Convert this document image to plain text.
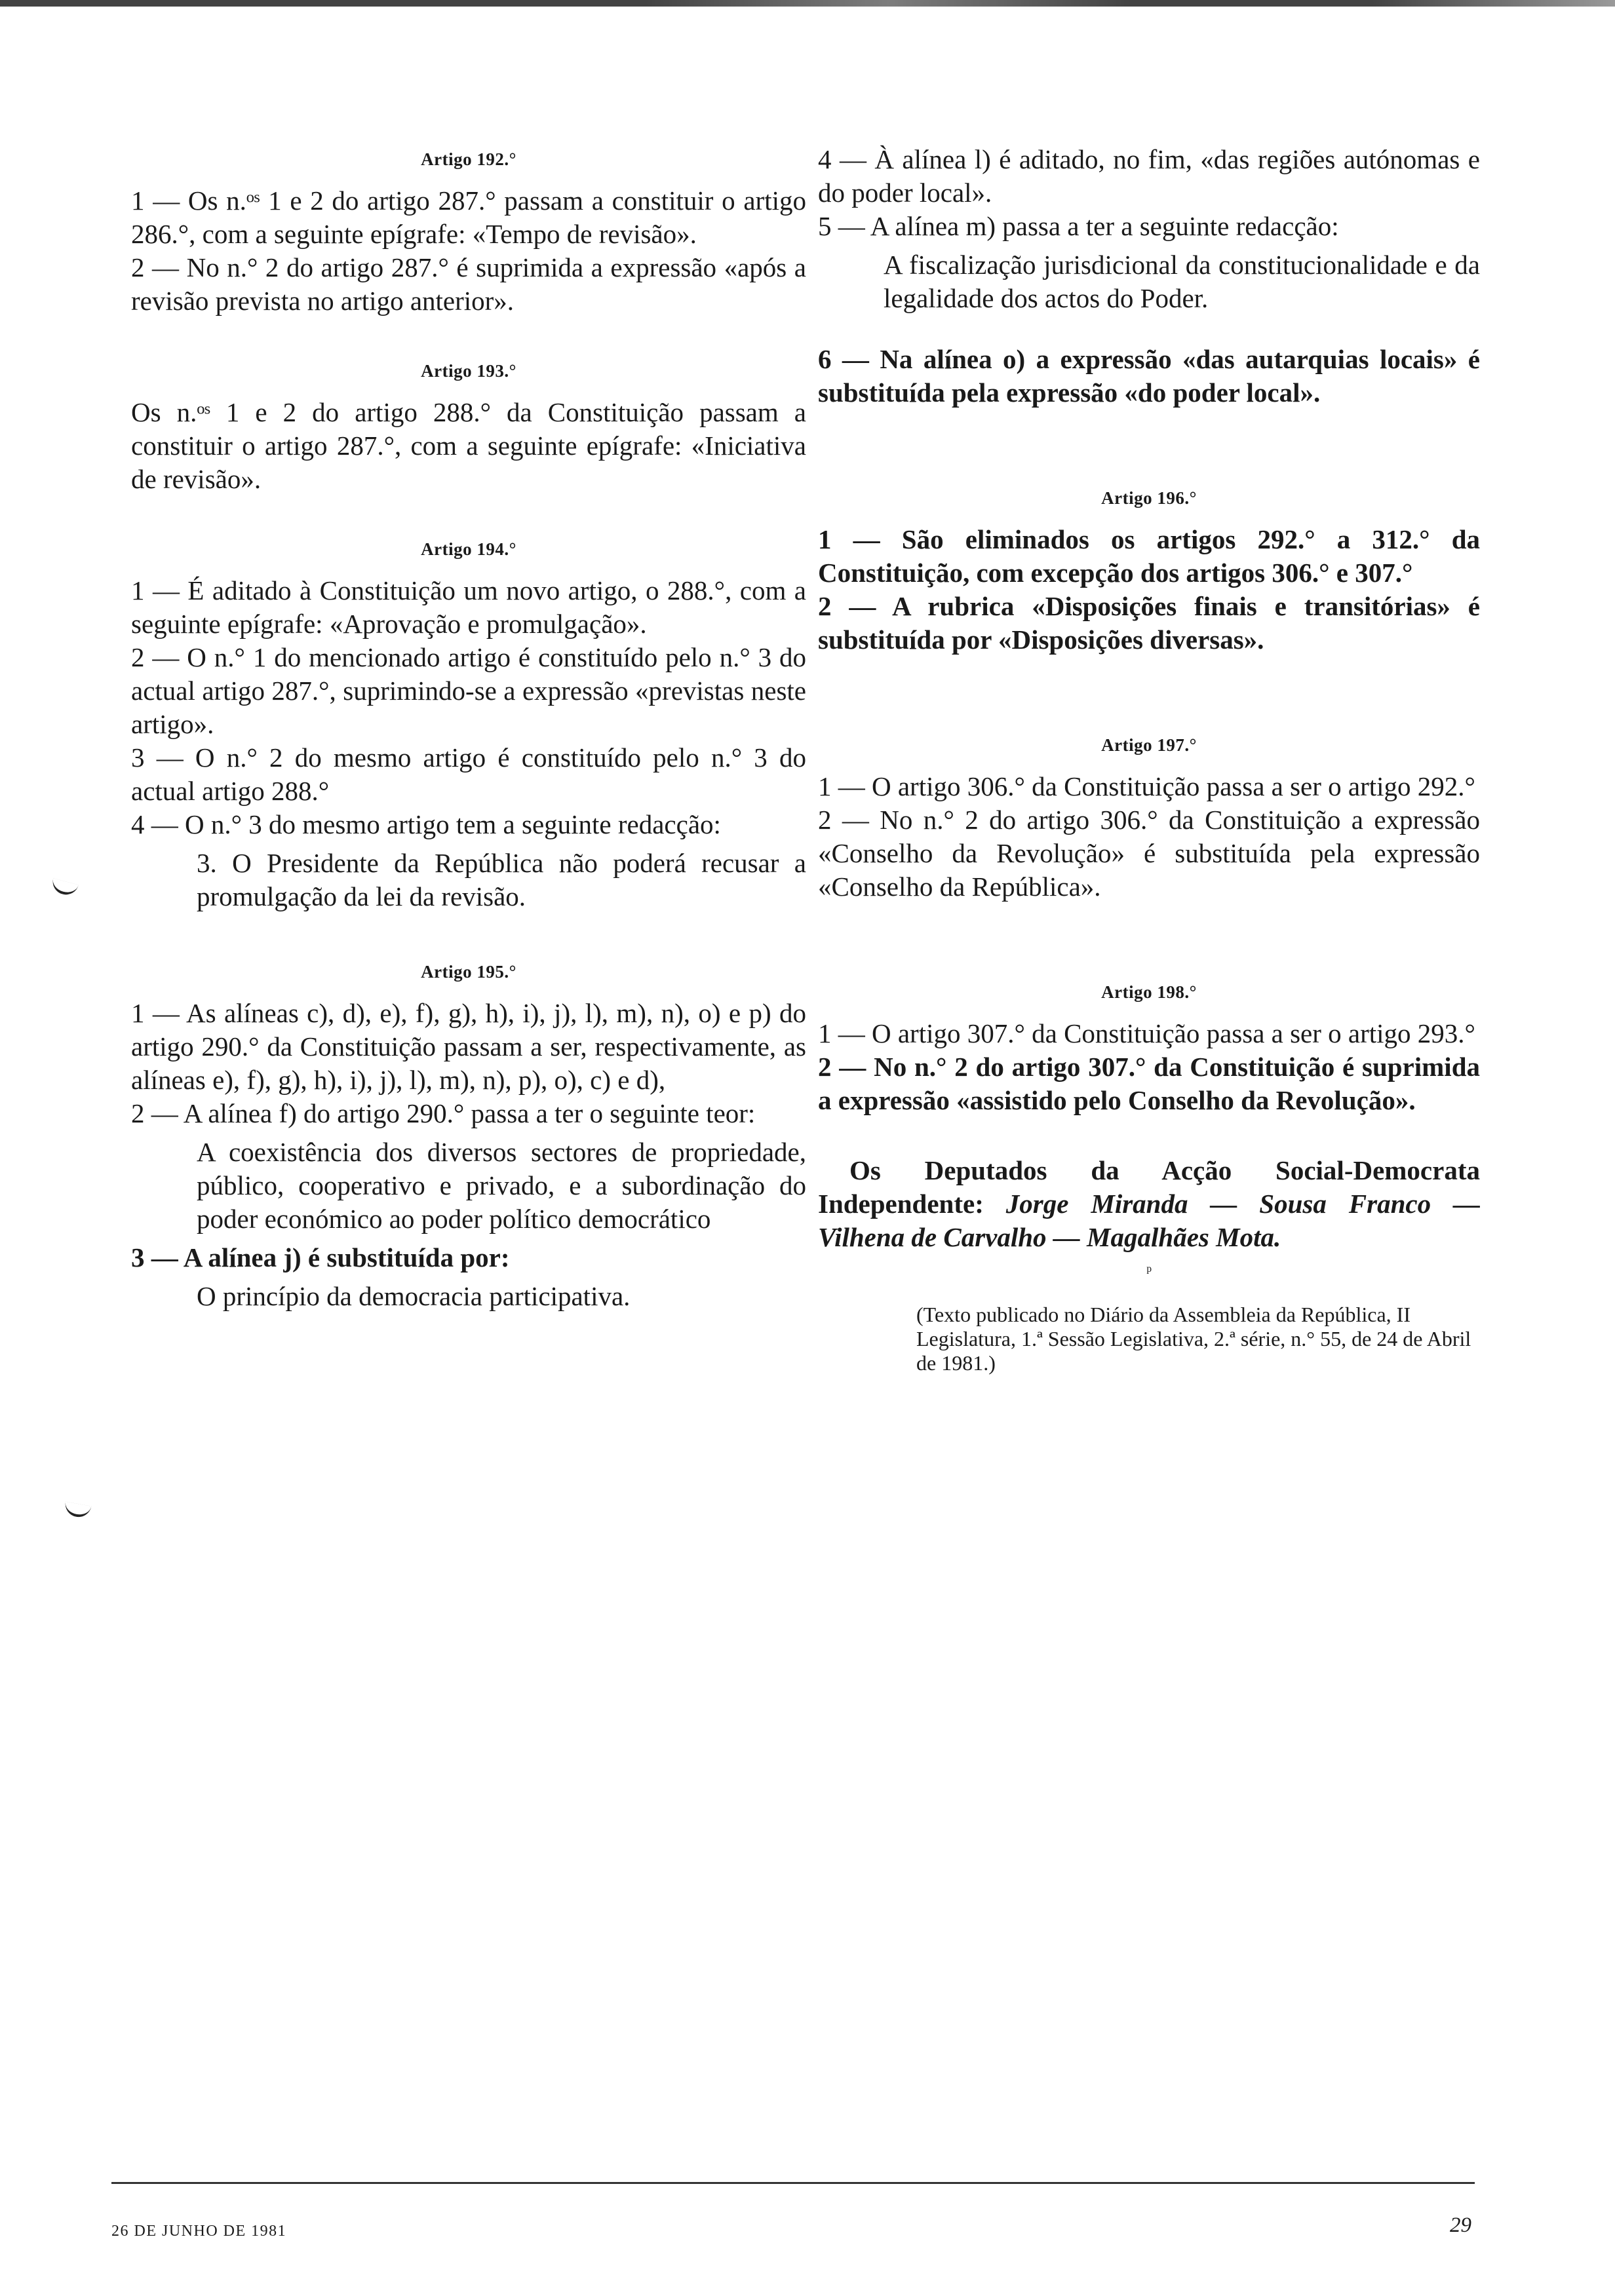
Artigo 192.°

1 — Os n.ᵒˢ 1 e 2 do artigo 287.° passam a constituir o artigo 286.°, com a seguinte epígrafe: «Tempo de revisão».

2 — No n.° 2 do artigo 287.° é suprimida a expressão «após a revisão prevista no artigo anterior».

Artigo 193.°

Os n.ᵒˢ 1 e 2 do artigo 288.° da Constituição passam a constituir o artigo 287.°, com a seguinte epígrafe: «Iniciativa de revisão».

Artigo 194.°

1 — É aditado à Constituição um novo artigo, o 288.°, com a seguinte epígrafe: «Aprovação e promulgação».

2 — O n.° 1 do mencionado artigo é constituído pelo n.° 3 do actual artigo 287.°, suprimindo-se a expressão «previstas neste artigo».

3 — O n.° 2 do mesmo artigo é constituído pelo n.° 3 do actual artigo 288.°

4 — O n.° 3 do mesmo artigo tem a seguinte redacção:

3. O Presidente da República não poderá recusar a promulgação da lei da revisão.

Artigo 195.°

1 — As alíneas c), d), e), f), g), h), i), j), l), m), n), o) e p) do artigo 290.° da Constituição passam a ser, respectivamente, as alíneas e), f), g), h), i), j), l), m), n), p), o), c) e d),

2 — A alínea f) do artigo 290.° passa a ter o seguinte teor:

A coexistência dos diversos sectores de propriedade, público, cooperativo e privado, e a subordinação do poder económico ao poder político democrático

3 — A alínea j) é substituída por:

O princípio da democracia participativa.

4 — À alínea l) é aditado, no fim, «das regiões autónomas e do poder local».

5 — A alínea m) passa a ter a seguinte redacção:

A fiscalização jurisdicional da constitucionalidade e da legalidade dos actos do Poder.

6 — Na alínea o) a expressão «das autarquias locais» é substituída pela expressão «do poder local».

Artigo 196.°

1 — São eliminados os artigos 292.° a 312.° da Constituição, com excepção dos artigos 306.° e 307.°

2 — A rubrica «Disposições finais e transitórias» é substituída por «Disposições diversas».

Artigo 197.°

1 — O artigo 306.° da Constituição passa a ser o artigo 292.°

2 — No n.° 2 do artigo 306.° da Constituição a expressão «Conselho da Revolução» é substituída pela expressão «Conselho da República».

Artigo 198.°

1 — O artigo 307.° da Constituição passa a ser o artigo 293.°

2 — No n.° 2 do artigo 307.° da Constituição é suprimida a expressão «assistido pelo Conselho da Revolução».

Os Deputados da Acção Social-Democrata Independente: Jorge Miranda — Sousa Franco — Vilhena de Carvalho — Magalhães Mota.

ᵖ

(Texto publicado no Diário da Assembleia da República, II Legislatura, 1.ª Sessão Legislativa, 2.ª série, n.° 55, de 24 de Abril de 1981.)

26 DE JUNHO DE 1981	29
